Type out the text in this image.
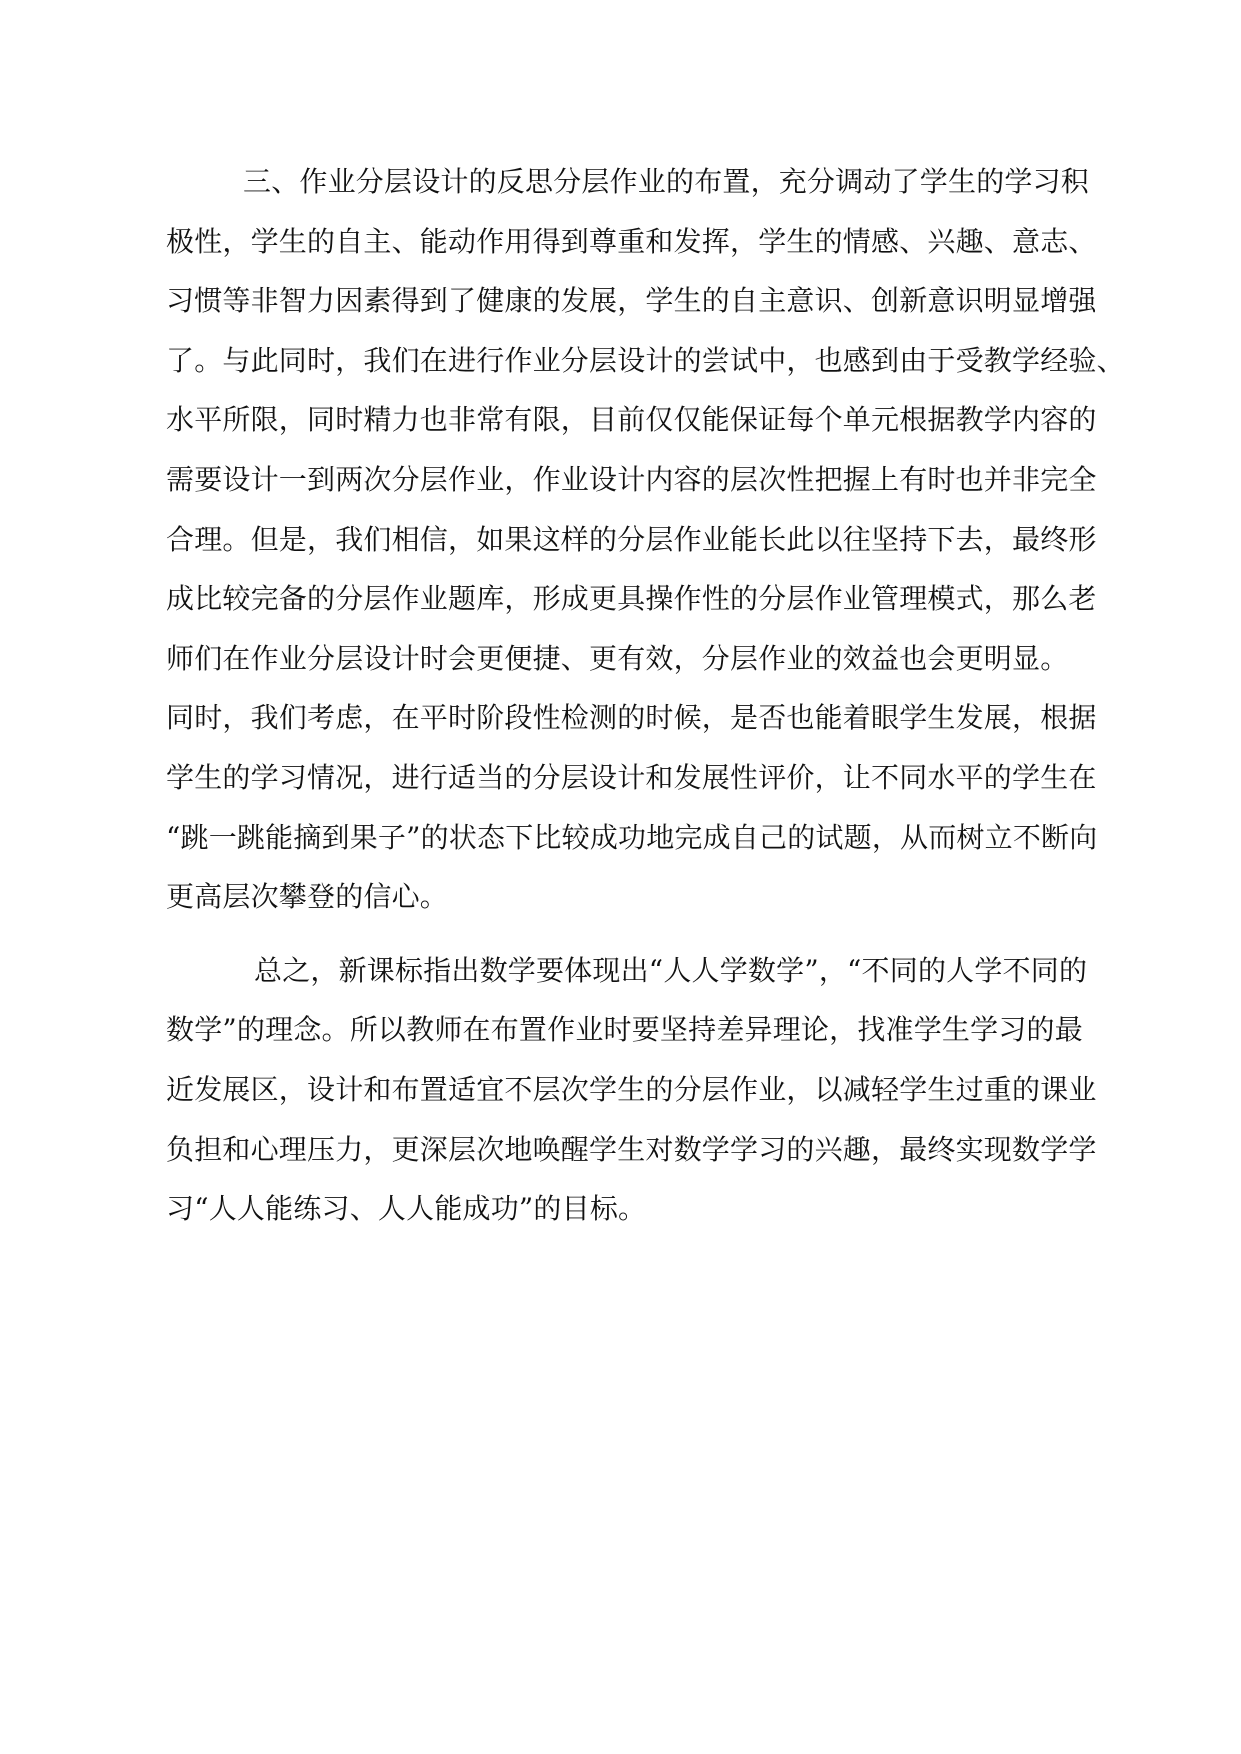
三、作业分层设计的反思分层作业的布置，充分调动了学生的学习积
极性，学生的自主、能动作用得到尊重和发挥，学生的情感、兴趣、意志、
习惯等非智力因素得到了健康的发展，学生的自主意识、创新意识明显增强
了。与此同时，我们在进行作业分层设计的尝试中，也感到由于受教学经验、
水平所限，同时精力也非常有限，目前仅仅能保证每个单元根据教学内容的
需要设计一到两次分层作业，作业设计内容的层次性把握上有时也并非完全
合理。但是，我们相信，如果这样的分层作业能长此以往坚持下去，最终形
成比较完备的分层作业题库，形成更具操作性的分层作业管理模式，那么老
师们在作业分层设计时会更便捷、更有效，分层作业的效益也会更明显。
同时，我们考虑，在平时阶段性检测的时候，是否也能着眼学生发展，根据
学生的学习情况，进行适当的分层设计和发展性评价，让不同水平的学生在
“跳一跳能摘到果子”的状态下比较成功地完成自己的试题，从而树立不断向
更高层次攀登的信心。
总之，新课标指出数学要体现出“人人学数学”，“不同的人学不同的
数学”的理念。所以教师在布置作业时要坚持差异理论，找准学生学习的最
近发展区，设计和布置适宜不层次学生的分层作业，以减轻学生过重的课业
负担和心理压力，更深层次地唤醒学生对数学学习的兴趣，最终实现数学学
习“人人能练习、人人能成功”的目标。
